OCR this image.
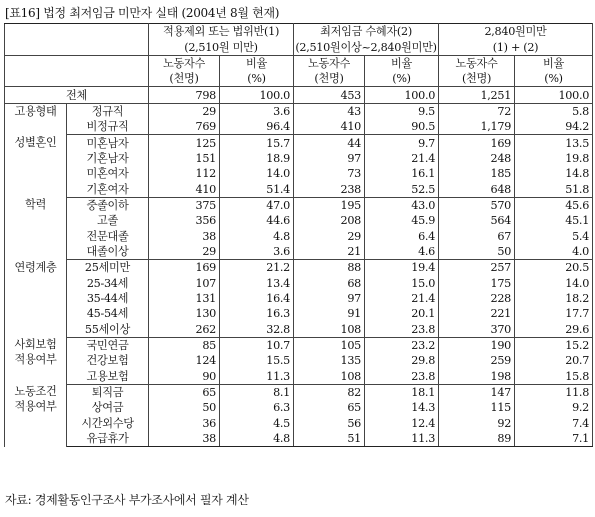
[표16] 법정 최저임금 미만자 실태 (2004년 8월 현재)
		적용제외 또는 법위반(1)		최저임금 수혜자(2)		2,840원미만	
		(2,510원 미만)		(2,510원이상~2,840원미만)		(1) + (2)	
		노동자수	비율	노동자수	비율	노동자수	비율
		(천명)	(%)	(천명)	(%)	(천명)	(%)
전체		798	100.0	453	100.0	1,251	100.0

고용형태	정규직	29	3.6	43	9.5	72	5.8
	비정규직	769	96.4	410	90.5	1,179	94.2

성별혼인	미혼남자	125	15.7	44	9.7	169	13.5
	기혼남자	151	18.9	97	21.4	248	19.8
	미혼여자	112	14.0	73	16.1	185	14.8
	기혼여자	410	51.4	238	52.5	648	51.8

학력	중졸이하	375	47.0	195	43.0	570	45.6
	고졸	356	44.6	208	45.9	564	45.1
	전문대졸	38	4.8	29	6.4	67	5.4
	대졸이상	29	3.6	21	4.6	50	4.0

연령계층	25세미만	169	21.2	88	19.4	257	20.5
	25-34세	107	13.4	68	15.0	175	14.0
	35-44세	131	16.4	97	21.4	228	18.2
	45-54세	130	16.3	91	20.1	221	17.7
	55세이상	262	32.8	108	23.8	370	29.6

사회보험
적용여부	국민연금	85	10.7	105	23.2	190	15.2
	건강보험	124	15.5	135	29.8	259	20.7
	고용보험	90	11.3	108	23.8	198	15.8

노동조건
적용여부	퇴직금	65	8.1	82	18.1	147	11.8
	상여금	50	6.3	65	14.3	115	9.2
	시간외수당	36	4.5	56	12.4	92	7.4
	유급휴가	38	4.8	51	11.3	89	7.1
자료: 경제활동인구조사 부가조사에서 필자 계산
